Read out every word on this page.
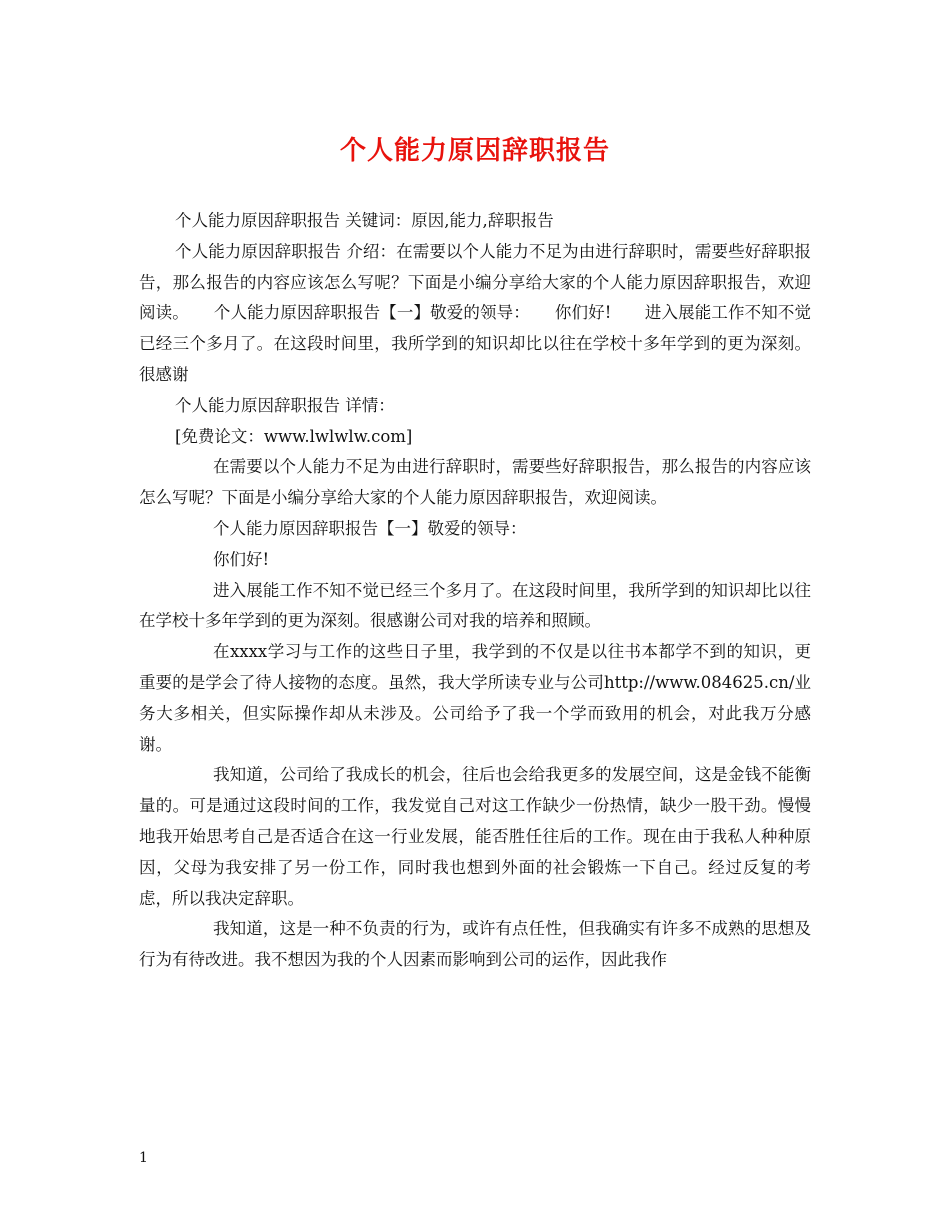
个人能力原因辞职报告

个人能力原因辞职报告 关键词：原因,能力,辞职报告

个人能力原因辞职报告 介绍：在需要以个人能力不足为由进行辞职时，需要些好辞职报告，那么报告的内容应该怎么写呢？下面是小编分享给大家的个人能力原因辞职报告，欢迎阅读。　　个人能力原因辞职报告【一】敬爱的领导：　　你们好!　　进入展能工作不知不觉已经三个多月了。在这段时间里，我所学到的知识却比以往在学校十多年学到的更为深刻。很感谢

个人能力原因辞职报告 详情：

[免费论文：www.lwlwlw.com]

在需要以个人能力不足为由进行辞职时，需要些好辞职报告，那么报告的内容应该怎么写呢？下面是小编分享给大家的个人能力原因辞职报告，欢迎阅读。

个人能力原因辞职报告【一】敬爱的领导：

你们好!

进入展能工作不知不觉已经三个多月了。在这段时间里，我所学到的知识却比以往在学校十多年学到的更为深刻。很感谢公司对我的培养和照顾。

在xxxx学习与工作的这些日子里，我学到的不仅是以往书本都学不到的知识，更重要的是学会了待人接物的态度。虽然，我大学所读专业与公司http://www.084625.cn/业务大多相关，但实际操作却从未涉及。公司给予了我一个学而致用的机会，对此我万分感谢。

我知道，公司给了我成长的机会，往后也会给我更多的发展空间，这是金钱不能衡量的。可是通过这段时间的工作，我发觉自己对这工作缺少一份热情，缺少一股干劲。慢慢地我开始思考自己是否适合在这一行业发展，能否胜任往后的工作。现在由于我私人种种原因，父母为我安排了另一份工作，同时我也想到外面的社会锻炼一下自己。经过反复的考虑，所以我决定辞职。

我知道，这是一种不负责的行为，或许有点任性，但我确实有许多不成熟的思想及行为有待改进。我不想因为我的个人因素而影响到公司的运作，因此我作

1
